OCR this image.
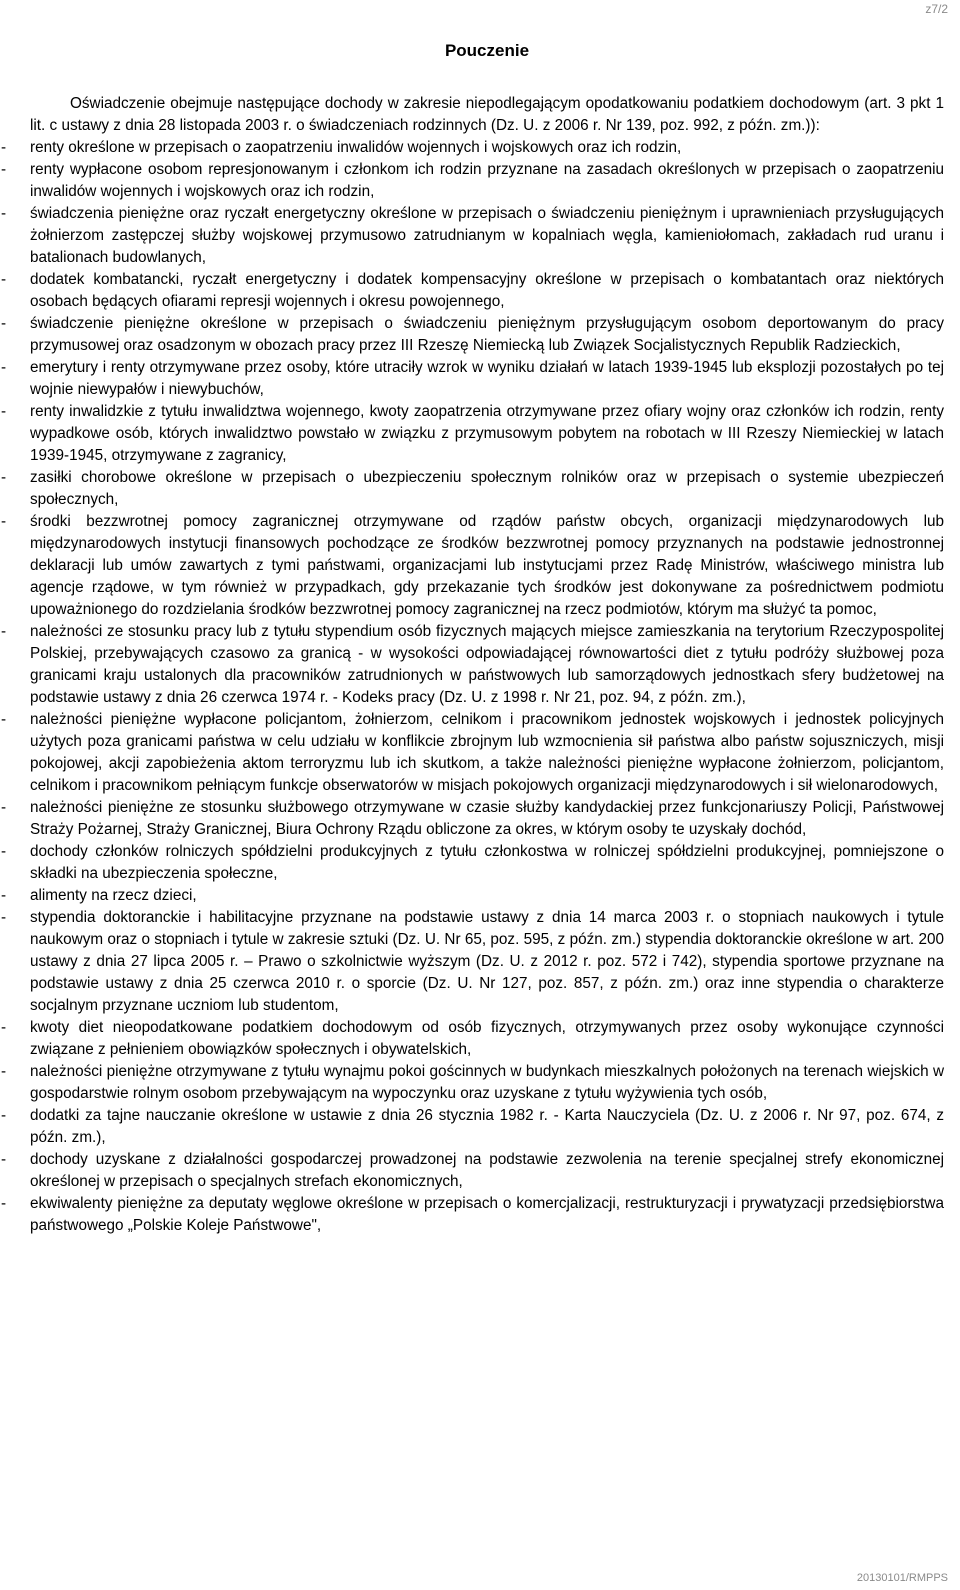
z7/2
Pouczenie

Oświadczenie obejmuje następujące dochody w zakresie niepodlegającym opodatkowaniu podatkiem dochodowym (art. 3 pkt 1 lit. c ustawy z dnia 28 listopada 2003 r. o świadczeniach rodzinnych (Dz. U. z 2006 r. Nr 139, poz. 992, z późn. zm.)):

- renty określone w przepisach o zaopatrzeniu inwalidów wojennych i wojskowych oraz ich rodzin,
- renty wypłacone osobom represjonowanym i członkom ich rodzin przyznane na zasadach określonych w przepisach o zaopatrzeniu inwalidów wojennych i wojskowych oraz ich rodzin,
- świadczenia pieniężne oraz ryczałt energetyczny określone w przepisach o świadczeniu pieniężnym i uprawnieniach przysługujących żołnierzom zastępczej służby wojskowej przymusowo zatrudnianym w kopalniach węgla, kamieniołomach, zakładach rud uranu i batalionach budowlanych,
- dodatek kombatancki, ryczałt energetyczny i dodatek kompensacyjny określone w przepisach o kombatantach oraz niektórych osobach będących ofiarami represji wojennych i okresu powojennego,
- świadczenie pieniężne określone w przepisach o świadczeniu pieniężnym przysługującym osobom deportowanym do pracy przymusowej oraz osadzonym w obozach pracy przez III Rzeszę Niemiecką lub Związek Socjalistycznych Republik Radzieckich,
- emerytury i renty otrzymywane przez osoby, które utraciły wzrok w wyniku działań w latach 1939-1945 lub eksplozji pozostałych po tej wojnie niewypałów i niewybuchów,
- renty inwalidzkie z tytułu inwalidztwa wojennego, kwoty zaopatrzenia otrzymywane przez ofiary wojny oraz członków ich rodzin, renty wypadkowe osób, których inwalidztwo powstało w związku z przymusowym pobytem na robotach w III Rzeszy Niemieckiej w latach 1939-1945, otrzymywane z zagranicy,
- zasiłki chorobowe określone w przepisach o ubezpieczeniu społecznym rolników oraz w przepisach o systemie ubezpieczeń społecznych,
- środki bezzwrotnej pomocy zagranicznej otrzymywane od rządów państw obcych, organizacji międzynarodowych lub międzynarodowych instytucji finansowych pochodzące ze środków bezzwrotnej pomocy przyznanych na podstawie jednostronnej deklaracji lub umów zawartych z tymi państwami, organizacjami lub instytucjami przez Radę Ministrów, właściwego ministra lub agencje rządowe, w tym również w przypadkach, gdy przekazanie tych środków jest dokonywane za pośrednictwem podmiotu upoważnionego do rozdzielania środków bezzwrotnej pomocy zagranicznej na rzecz podmiotów, którym ma służyć ta pomoc,
- należności ze stosunku pracy lub z tytułu stypendium osób fizycznych mających miejsce zamieszkania na terytorium Rzeczypospolitej Polskiej, przebywających czasowo za granicą - w wysokości odpowiadającej równowartości diet z tytułu podróży służbowej poza granicami kraju ustalonych dla pracowników zatrudnionych w państwowych lub samorządowych jednostkach sfery budżetowej na podstawie ustawy z dnia 26 czerwca 1974 r. - Kodeks pracy (Dz. U. z 1998 r. Nr 21, poz. 94, z późn. zm.),
- należności pieniężne wypłacone policjantom, żołnierzom, celnikom i pracownikom jednostek wojskowych i jednostek policyjnych użytych poza granicami państwa w celu udziału w konflikcie zbrojnym lub wzmocnienia sił państwa albo państw sojuszniczych, misji pokojowej, akcji zapobieżenia aktom terroryzmu lub ich skutkom, a także należności pieniężne wypłacone żołnierzom, policjantom, celnikom i pracownikom pełniącym funkcje obserwatorów w misjach pokojowych organizacji międzynarodowych i sił wielonarodowych,
- należności pieniężne ze stosunku służbowego otrzymywane w czasie służby kandydackiej przez funkcjonariuszy Policji, Państwowej Straży Pożarnej, Straży Granicznej, Biura Ochrony Rządu obliczone za okres, w którym osoby te uzyskały dochód,
- dochody członków rolniczych spółdzielni produkcyjnych z tytułu członkostwa w rolniczej spółdzielni produkcyjnej, pomniejszone o składki na ubezpieczenia społeczne,
- alimenty na rzecz dzieci,
- stypendia doktoranckie i habilitacyjne przyznane na podstawie ustawy z dnia 14 marca 2003 r. o stopniach naukowych i tytule naukowym oraz o stopniach i tytule w zakresie sztuki (Dz. U. Nr 65, poz. 595, z późn. zm.) stypendia doktoranckie określone w art. 200 ustawy z dnia 27 lipca 2005 r. – Prawo o szkolnictwie wyższym (Dz. U. z 2012 r. poz. 572 i 742), stypendia sportowe przyznane na podstawie ustawy z dnia 25 czerwca 2010 r. o sporcie (Dz. U. Nr 127, poz. 857, z późn. zm.) oraz inne stypendia o charakterze socjalnym przyznane uczniom lub studentom,
- kwoty diet nieopodatkowane podatkiem dochodowym od osób fizycznych, otrzymywanych przez osoby wykonujące czynności związane z pełnieniem obowiązków społecznych i obywatelskich,
- należności pieniężne otrzymywane z tytułu wynajmu pokoi gościnnych w budynkach mieszkalnych położonych na terenach wiejskich w gospodarstwie rolnym osobom przebywającym na wypoczynku oraz uzyskane z tytułu wyżywienia tych osób,
- dodatki za tajne nauczanie określone w ustawie z dnia 26 stycznia 1982 r. - Karta Nauczyciela (Dz. U. z 2006 r. Nr 97, poz. 674, z późn. zm.),
- dochody uzyskane z działalności gospodarczej prowadzonej na podstawie zezwolenia na terenie specjalnej strefy ekonomicznej określonej w przepisach o specjalnych strefach ekonomicznych,
- ekwiwalenty pieniężne za deputaty węglowe określone w przepisach o komercjalizacji, restrukturyzacji i prywatyzacji przedsiębiorstwa państwowego „Polskie Koleje Państwowe",
20130101/RMPPS
